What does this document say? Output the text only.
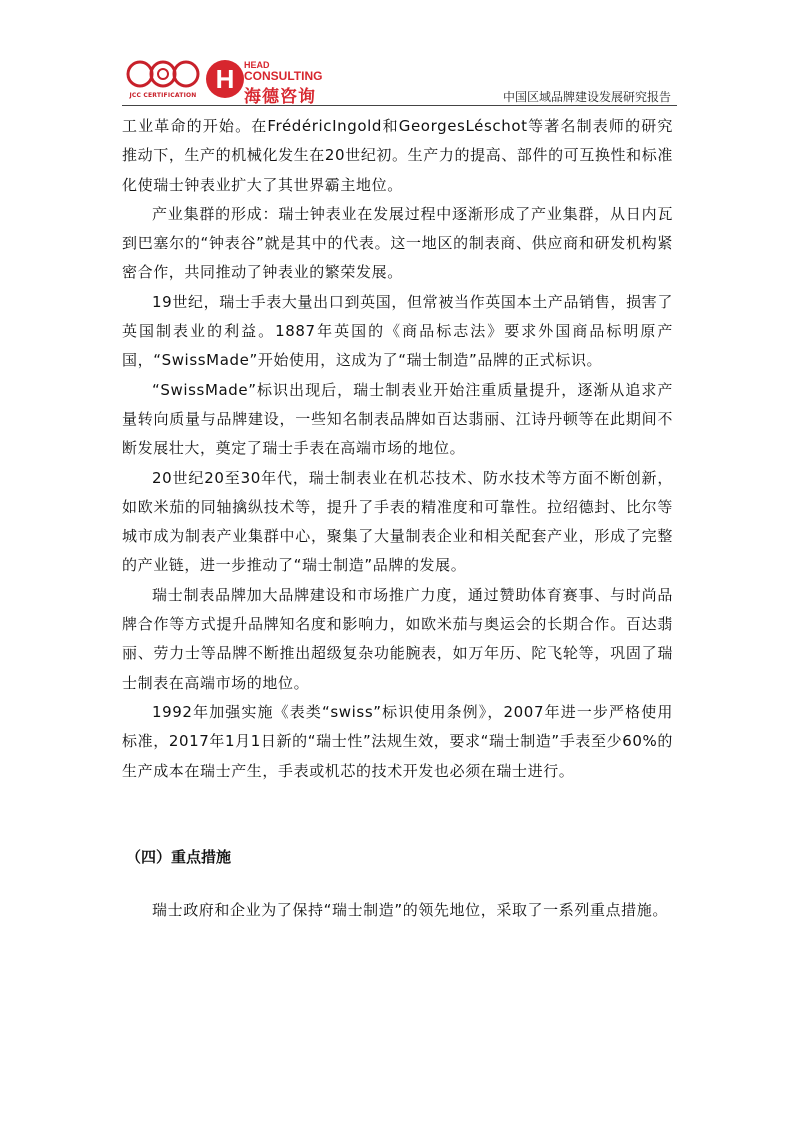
JCC CERTIFICATION
H	HEAD
CONSULTING
海德咨询	中国区域品牌建设发展研究报告

工业革命的开始。在FrédéricIngold和GeorgesLéschot等著名制表师的研究推动下，生产的机械化发生在20世纪初。生产力的提高、部件的可互换性和标准化使瑞士钟表业扩大了其世界霸主地位。

产业集群的形成：瑞士钟表业在发展过程中逐渐形成了产业集群，从日内瓦到巴塞尔的“钟表谷”就是其中的代表。这一地区的制表商、供应商和研发机构紧密合作，共同推动了钟表业的繁荣发展。

19世纪，瑞士手表大量出口到英国，但常被当作英国本土产品销售，损害了英国制表业的利益。1887年英国的《商品标志法》要求外国商品标明原产国，“SwissMade”开始使用，这成为了“瑞士制造”品牌的正式标识。

“SwissMade”标识出现后，瑞士制表业开始注重质量提升，逐渐从追求产量转向质量与品牌建设，一些知名制表品牌如百达翡丽、江诗丹顿等在此期间不断发展壮大，奠定了瑞士手表在高端市场的地位。

20世纪20至30年代，瑞士制表业在机芯技术、防水技术等方面不断创新，如欧米茄的同轴擒纵技术等，提升了手表的精准度和可靠性。拉绍德封、比尔等城市成为制表产业集群中心，聚集了大量制表企业和相关配套产业，形成了完整的产业链，进一步推动了“瑞士制造”品牌的发展。

瑞士制表品牌加大品牌建设和市场推广力度，通过赞助体育赛事、与时尚品牌合作等方式提升品牌知名度和影响力，如欧米茄与奥运会的长期合作。百达翡丽、劳力士等品牌不断推出超级复杂功能腕表，如万年历、陀飞轮等，巩固了瑞士制表在高端市场的地位。

1992年加强实施《表类“swiss”标识使用条例》，2007年进一步严格使用标准，2017年1月1日新的“瑞士性”法规生效，要求“瑞士制造”手表至少60%的生产成本在瑞士产生，手表或机芯的技术开发也必须在瑞士进行。

（四）重点措施

瑞士政府和企业为了保持“瑞士制造”的领先地位，采取了一系列重点措施。
